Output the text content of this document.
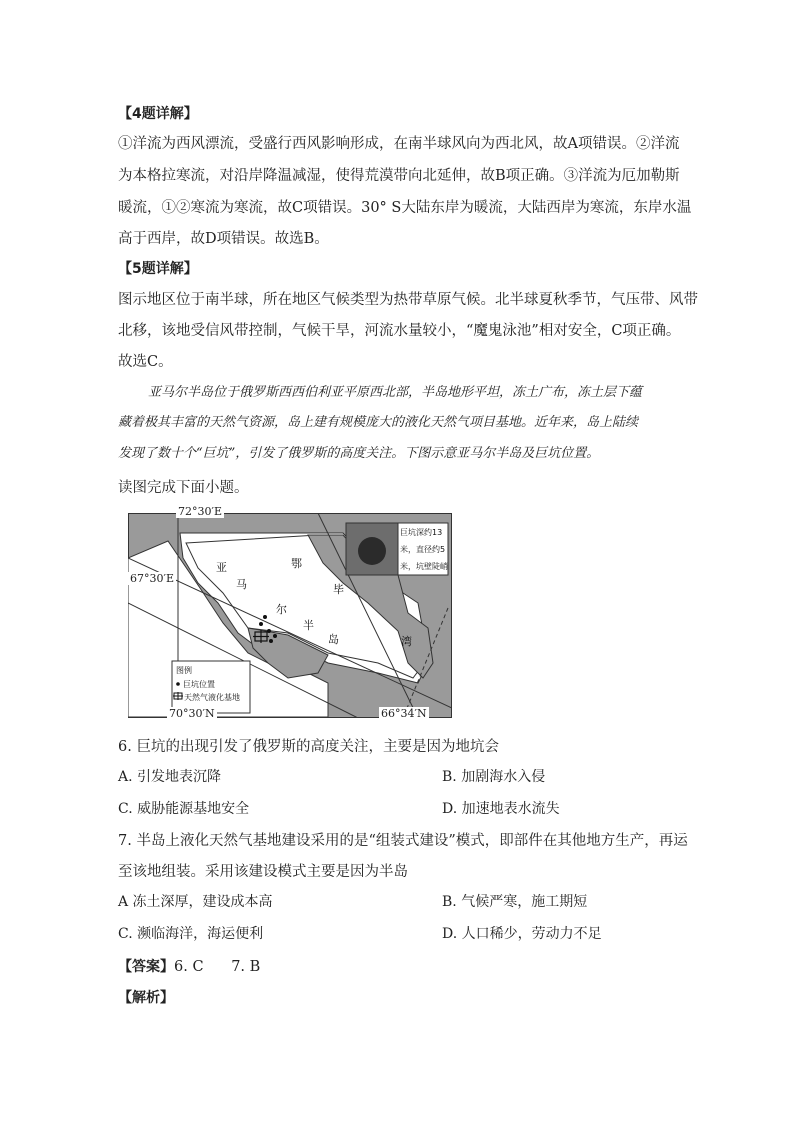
【4题详解】
①洋流为西风漂流，受盛行西风影响形成，在南半球风向为西北风，故A项错误。②洋流
为本格拉寒流，对沿岸降温减湿，使得荒漠带向北延伸，故B项正确。③洋流为厄加勒斯
暖流，①②寒流为寒流，故C项错误。30° S大陆东岸为暖流，大陆西岸为寒流，东岸水温
高于西岸，故D项错误。故选B。
【5题详解】
图示地区位于南半球，所在地区气候类型为热带草原气候。北半球夏秋季节，气压带、风带
北移，该地受信风带控制，气候干旱，河流水量较小，“魔鬼泳池”相对安全，C项正确。
故选C。
亚马尔半岛位于俄罗斯西西伯利亚平原西北部，半岛地形平坦，冻土广布，冻土层下蕴
藏着极其丰富的天然气资源，岛上建有规模庞大的液化天然气项目基地。近年来，岛上陆续
发现了数十个“巨坑”，引发了俄罗斯的高度关注。下图示意亚马尔半岛及巨坑位置。
读图完成下面小题。
巨坑深约13
米，直径约5
米，坑壁陡峭
亚
马
尔
半
岛
鄂
毕
湾
图例
巨坑位置
天然气液化基地
72°30′E
67°30′E
70°30′N	66°34′N
6. 巨坑的出现引发了俄罗斯的高度关注，主要是因为地坑会
A. 引发地表沉降	B. 加剧海水入侵
C. 威胁能源基地安全	D. 加速地表水流失
7. 半岛上液化天然气基地建设采用的是“组装式建设”模式，即部件在其他地方生产，再运
至该地组装。采用该建设模式主要是因为半岛
A 冻土深厚，建设成本高	B. 气候严寒，施工期短
C. 濒临海洋，海运便利	D. 人口稀少，劳动力不足
【答案】6. C      7. B
【解析】
